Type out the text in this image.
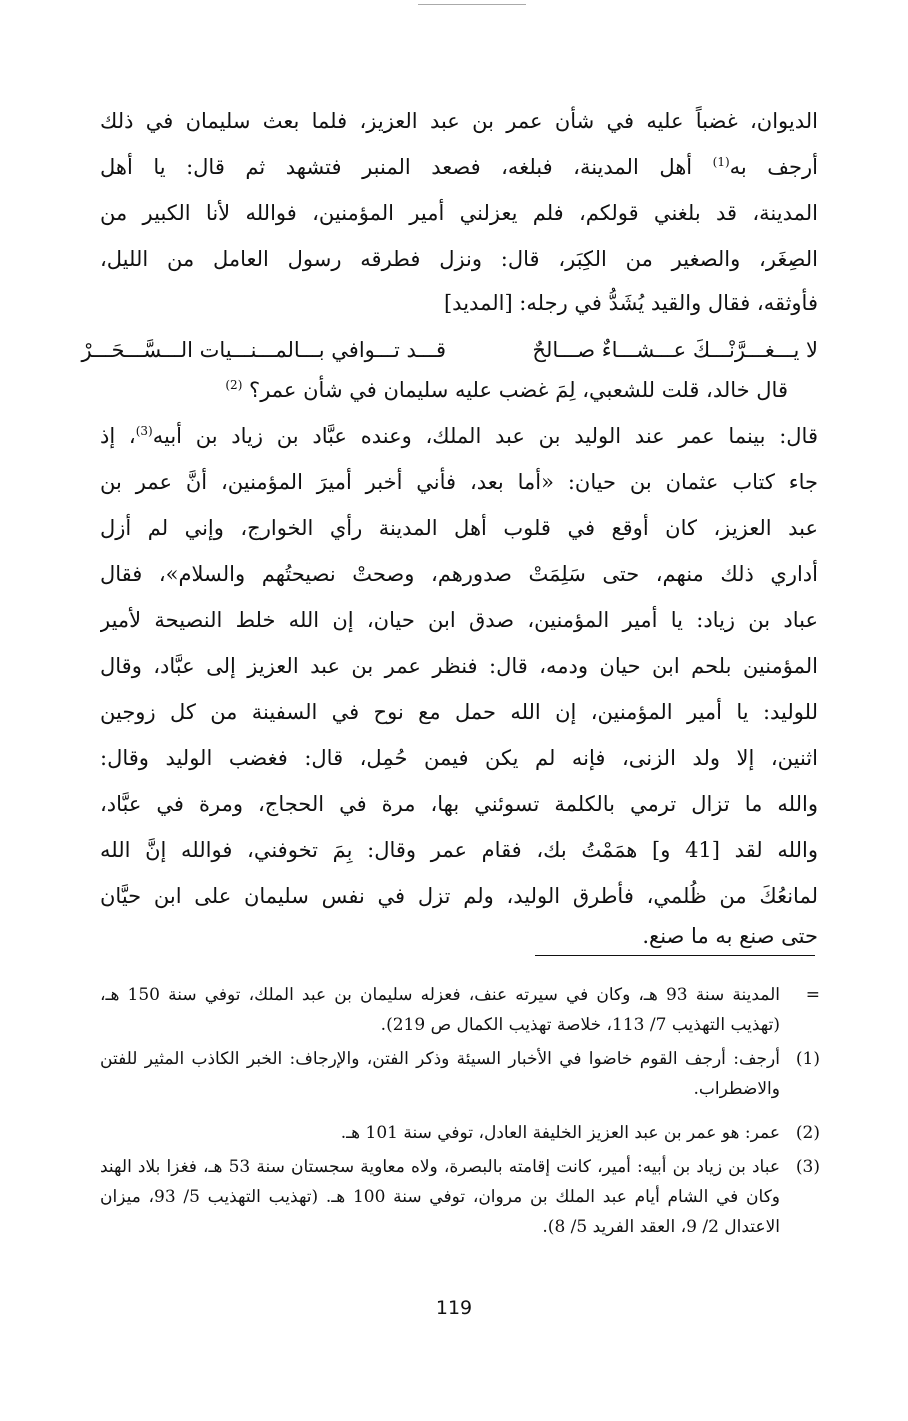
الديوان، غضباً عليه في شأن عمر بن عبد العزيز، فلما بعث سليمان في ذلك
أرجف به$^{(1)}$ أهل المدينة، فبلغه، فصعد المنبر فتشهد ثم قال: يا أهل
المدينة، قد بلغني قولكم، فلم يعزلني أمير المؤمنين، فوالله لأنا الكبير من
الصِغَر، والصغير من الكِبَر، قال: ونزل فطرقه رسول العامل من الليل،
فأوثقه، فقال والقيد يُشَدُّ في رجله: [المديد]
لا يـــغـــرَّنْـــكَ عـــشـــاءٌ صـــالحٌ
قـــد تـــوافي بـــالمـــنـــيات الـــسَّـــحَـــرْ
قال خالد، قلت للشعبي، لِمَ غضب عليه سليمان في شأن عمر؟ $^{(2)}$
قال: بينما عمر عند الوليد بن عبد الملك، وعنده عبَّاد بن زياد بن أبيه$^{(3)}$، إذ
جاء كتاب عثمان بن حيان: «أما بعد، فأني أخبر أميرَ المؤمنين، أنَّ عمر بن
عبد العزيز، كان أوقع في قلوب أهل المدينة رأي الخوارج، وإني لم أزل
أداري ذلك منهم، حتى سَلِمَتْ صدورهم، وصحتْ نصيحتُهم والسلام»، فقال
عباد بن زياد: يا أمير المؤمنين، صدق ابن حيان، إن الله خلط النصيحة لأمير
المؤمنين بلحم ابن حيان ودمه، قال: فنظر عمر بن عبد العزيز إلى عبَّاد، وقال
للوليد: يا أمير المؤمنين، إن الله حمل مع نوح في السفينة من كل زوجين
اثنين، إلا ولد الزنى، فإنه لم يكن فيمن حُمِل، قال: فغضب الوليد وقال:
والله ما تزال ترمي بالكلمة تسوئني بها، مرة في الحجاج، ومرة في عبَّاد،
والله لقد [41 و] همَمْتُ بك، فقام عمر وقال: بِمَ تخوفني، فوالله إنَّ الله
لمانعُكَ من ظُلمي، فأطرق الوليد، ولم تزل في نفس سليمان على ابن حيَّان
حتى صنع به ما صنع.
=
المدينة سنة 93 هـ، وكان في سيرته عنف، فعزله سليمان بن عبد الملك، توفي سنة 150 هـ، (تهذيب التهذيب 7/ 113، خلاصة تهذيب الكمال ص 219).
(1)
أرجف: أرجف القوم خاضوا في الأخبار السيئة وذكر الفتن، والإرجاف: الخبر الكاذب المثير للفتن والاضطراب.
(2)
عمر: هو عمر بن عبد العزيز الخليفة العادل، توفي سنة 101 هـ.
(3)
عباد بن زياد بن أبيه: أمير، كانت إقامته بالبصرة، ولاه معاوية سجستان سنة 53 هـ، فغزا بلاد الهند وكان في الشام أيام عبد الملك بن مروان، توفي سنة 100 هـ. (تهذيب التهذيب 5/ 93، ميزان الاعتدال 2/ 9، العقد الفريد 5/ 8).
119
